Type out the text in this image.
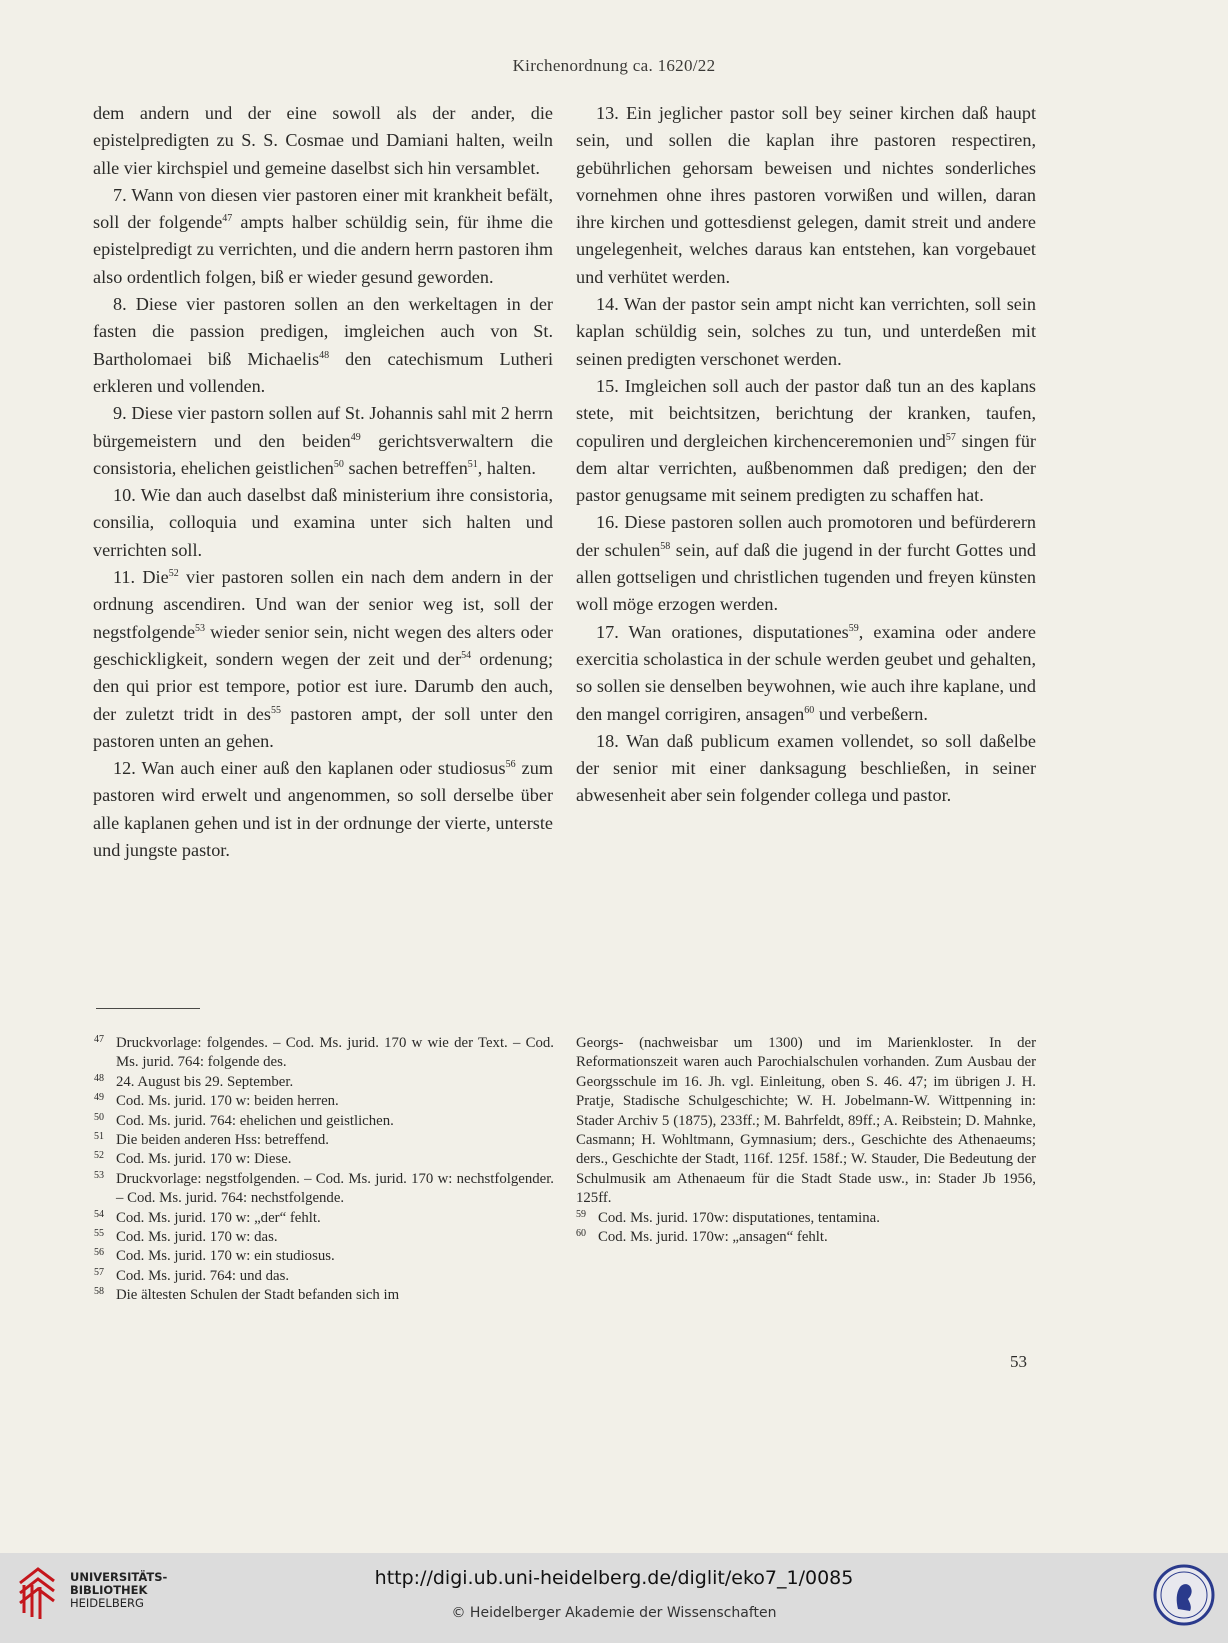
Kirchenordnung ca. 1620/22

dem andern und der eine sowoll als der ander, die epistelpredigten zu S. S. Cosmae und Damiani halten, weiln alle vier kirchspiel und gemeine daselbst sich hin versamblet.

7. Wann von diesen vier pastoren einer mit krankheit befält, soll der folgende$^{47}$ ampts halber schüldig sein, für ihme die epistelpredigt zu verrichten, und die andern herrn pastoren ihm also ordentlich folgen, biß er wieder gesund geworden.

8. Diese vier pastoren sollen an den werkeltagen in der fasten die passion predigen, imgleichen auch von St. Bartholomaei biß Michaelis$^{48}$ den catechismum Lutheri erkleren und vollenden.

9. Diese vier pastorn sollen auf St. Johannis sahl mit 2 herrn bürgemeistern und den beiden$^{49}$ gerichtsverwaltern die consistoria, ehelichen geistlichen$^{50}$ sachen betreffen$^{51}$, halten.

10. Wie dan auch daselbst daß ministerium ihre consistoria, consilia, colloquia und examina unter sich halten und verrichten soll.

11. Die$^{52}$ vier pastoren sollen ein nach dem andern in der ordnung ascendiren. Und wan der senior weg ist, soll der negstfolgende$^{53}$ wieder senior sein, nicht wegen des alters oder geschickligkeit, sondern wegen der zeit und der$^{54}$ ordenung; den qui prior est tempore, potior est iure. Darumb den auch, der zuletzt tridt in des$^{55}$ pastoren ampt, der soll unter den pastoren unten an gehen.

12. Wan auch einer auß den kaplanen oder studiosus$^{56}$ zum pastoren wird erwelt und angenommen, so soll derselbe über alle kaplanen gehen und ist in der ordnunge der vierte, unterste und jungste pastor.

13. Ein jeglicher pastor soll bey seiner kirchen daß haupt sein, und sollen die kaplan ihre pastoren respectiren, gebührlichen gehorsam beweisen und nichtes sonderliches vornehmen ohne ihres pastoren vorwißen und willen, daran ihre kirchen und gottesdienst gelegen, damit streit und andere ungelegenheit, welches daraus kan entstehen, kan vorgebauet und verhütet werden.

14. Wan der pastor sein ampt nicht kan verrichten, soll sein kaplan schüldig sein, solches zu tun, und unterdeßen mit seinen predigten verschonet werden.

15. Imgleichen soll auch der pastor daß tun an des kaplans stete, mit beichtsitzen, berichtung der kranken, taufen, copuliren und dergleichen kirchenceremonien und$^{57}$ singen für dem altar verrichten, außbenommen daß predigen; den der pastor genugsame mit seinem predigten zu schaffen hat.

16. Diese pastoren sollen auch promotoren und befürderern der schulen$^{58}$ sein, auf daß die jugend in der furcht Gottes und allen gottseligen und christlichen tugenden und freyen künsten woll möge erzogen werden.

17. Wan orationes, disputationes$^{59}$, examina oder andere exercitia scholastica in der schule werden geubet und gehalten, so sollen sie denselben beywohnen, wie auch ihre kaplane, und den mangel corrigiren, ansagen$^{60}$ und verbeßern.

18. Wan daß publicum examen vollendet, so soll daßelbe der senior mit einer danksagung beschließen, in seiner abwesenheit aber sein folgender collega und pastor.

47 Druckvorlage: folgendes. – Cod. Ms. jurid. 170 w wie der Text. – Cod. Ms. jurid. 764: folgende des.
48 24. August bis 29. September.
49 Cod. Ms. jurid. 170 w: beiden herren.
50 Cod. Ms. jurid. 764: ehelichen und geistlichen.
51 Die beiden anderen Hss: betreffend.
52 Cod. Ms. jurid. 170 w: Diese.
53 Druckvorlage: negstfolgenden. – Cod. Ms. jurid. 170 w: nechstfolgender. – Cod. Ms. jurid. 764: nechstfolgende.
54 Cod. Ms. jurid. 170 w: „der“ fehlt.
55 Cod. Ms. jurid. 170 w: das.
56 Cod. Ms. jurid. 170 w: ein studiosus.
57 Cod. Ms. jurid. 764: und das.
58 Die ältesten Schulen der Stadt befanden sich im
Georgs- (nachweisbar um 1300) und im Marienkloster. In der Reformationszeit waren auch Parochialschulen vorhanden. Zum Ausbau der Georgsschule im 16. Jh. vgl. Einleitung, oben S. 46. 47; im übrigen J. H. Pratje, Stadische Schulgeschichte; W. H. Jobelmann-W. Wittpenning in: Stader Archiv 5 (1875), 233ff.; M. Bahrfeldt, 89ff.; A. Reibstein; D. Mahnke, Casmann; H. Wohltmann, Gymnasium; ders., Geschichte des Athenaeums; ders., Geschichte der Stadt, 116f. 125f. 158f.; W. Stauder, Die Bedeutung der Schulmusik am Athenaeum für die Stadt Stade usw., in: Stader Jb 1956, 125ff.
59 Cod. Ms. jurid. 170w: disputationes, tentamina.
60 Cod. Ms. jurid. 170w: „ansagen“ fehlt.
53
UNIVERSITÄTS-
BIBLIOTHEK
HEIDELBERG
http://digi.ub.uni-heidelberg.de/diglit/eko7_1/0085
© Heidelberger Akademie der Wissenschaften
